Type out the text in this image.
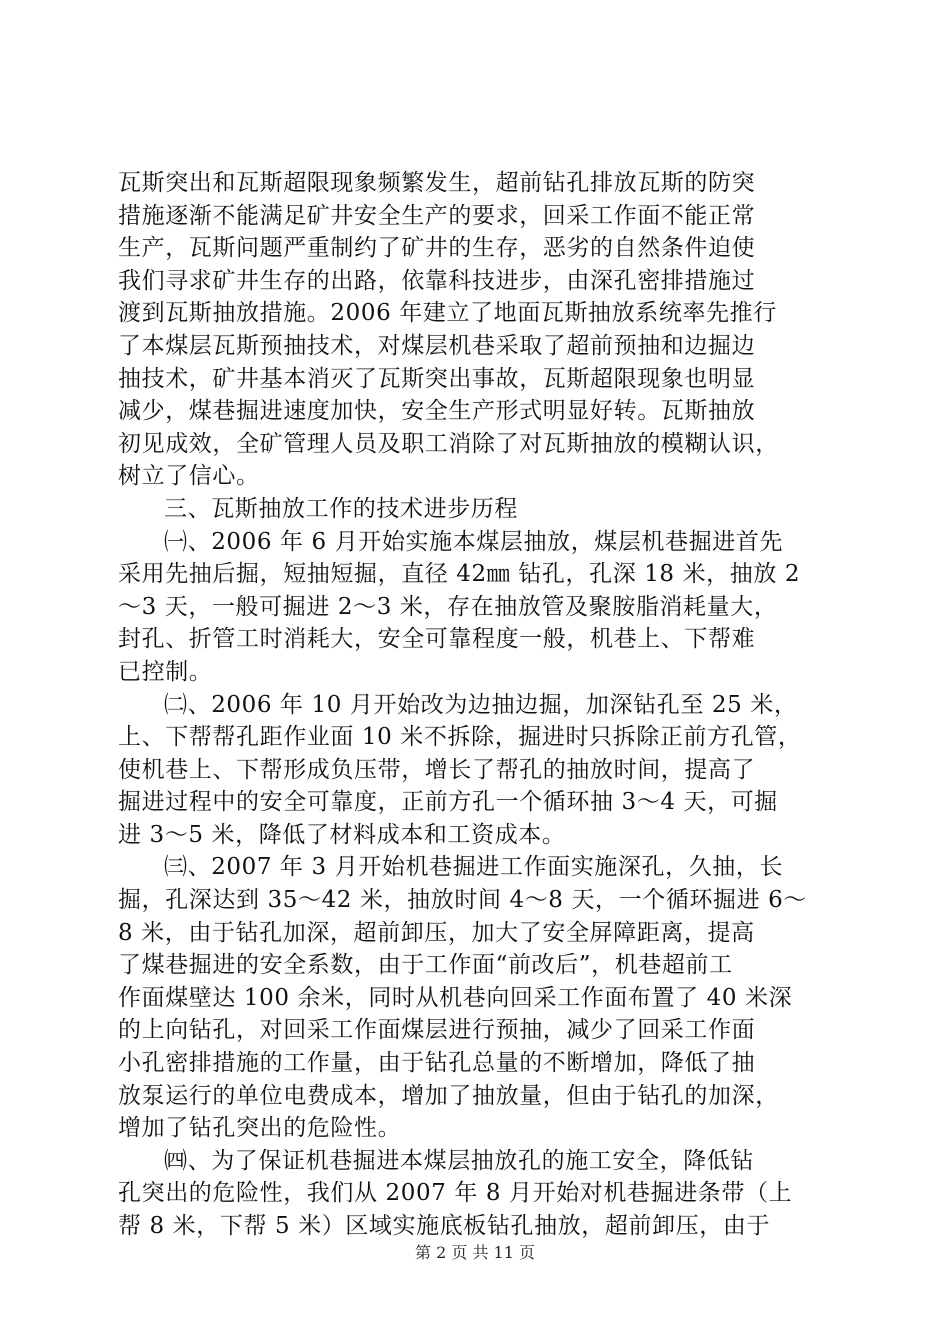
瓦斯突出和瓦斯超限现象频繁发生，超前钻孔排放瓦斯的防突
措施逐渐不能满足矿井安全生产的要求，回采工作面不能正常
生产，瓦斯问题严重制约了矿井的生存，恶劣的自然条件迫使
我们寻求矿井生存的出路，依靠科技进步，由深孔密排措施过
渡到瓦斯抽放措施。2006 年建立了地面瓦斯抽放系统率先推行
了本煤层瓦斯预抽技术，对煤层机巷采取了超前预抽和边掘边
抽技术，矿井基本消灭了瓦斯突出事故，瓦斯超限现象也明显
减少，煤巷掘进速度加快，安全生产形式明显好转。瓦斯抽放
初见成效，全矿管理人员及职工消除了对瓦斯抽放的模糊认识，
树立了信心。
三、瓦斯抽放工作的技术进步历程
㈠、2006 年 6 月开始实施本煤层抽放，煤层机巷掘进首先
采用先抽后掘，短抽短掘，直径 42㎜ 钻孔，孔深 18 米，抽放 2
～3 天，一般可掘进 2～3 米，存在抽放管及聚胺脂消耗量大，
封孔、折管工时消耗大，安全可靠程度一般，机巷上、下帮难
已控制。
㈡、2006 年 10 月开始改为边抽边掘，加深钻孔至 25 米，
上、下帮帮孔距作业面 10 米不拆除，掘进时只拆除正前方孔管，
使机巷上、下帮形成负压带，增长了帮孔的抽放时间，提高了
掘进过程中的安全可靠度，正前方孔一个循环抽 3～4 天，可掘
进 3～5 米，降低了材料成本和工资成本。
㈢、2007 年 3 月开始机巷掘进工作面实施深孔，久抽，长
掘，孔深达到 35～42 米，抽放时间 4～8 天，一个循环掘进 6～
8 米，由于钻孔加深，超前卸压，加大了安全屏障距离，提高
了煤巷掘进的安全系数，由于工作面“前改后”，机巷超前工
作面煤壁达 100 余米，同时从机巷向回采工作面布置了 40 米深
的上向钻孔，对回采工作面煤层进行预抽，减少了回采工作面
小孔密排措施的工作量，由于钻孔总量的不断增加，降低了抽
放泵运行的单位电费成本，增加了抽放量，但由于钻孔的加深，
增加了钻孔突出的危险性。
㈣、为了保证机巷掘进本煤层抽放孔的施工安全，降低钻
孔突出的危险性，我们从 2007 年 8 月开始对机巷掘进条带（上
帮 8 米，下帮 5 米）区域实施底板钻孔抽放，超前卸压，由于
第 2 页 共 11 页
